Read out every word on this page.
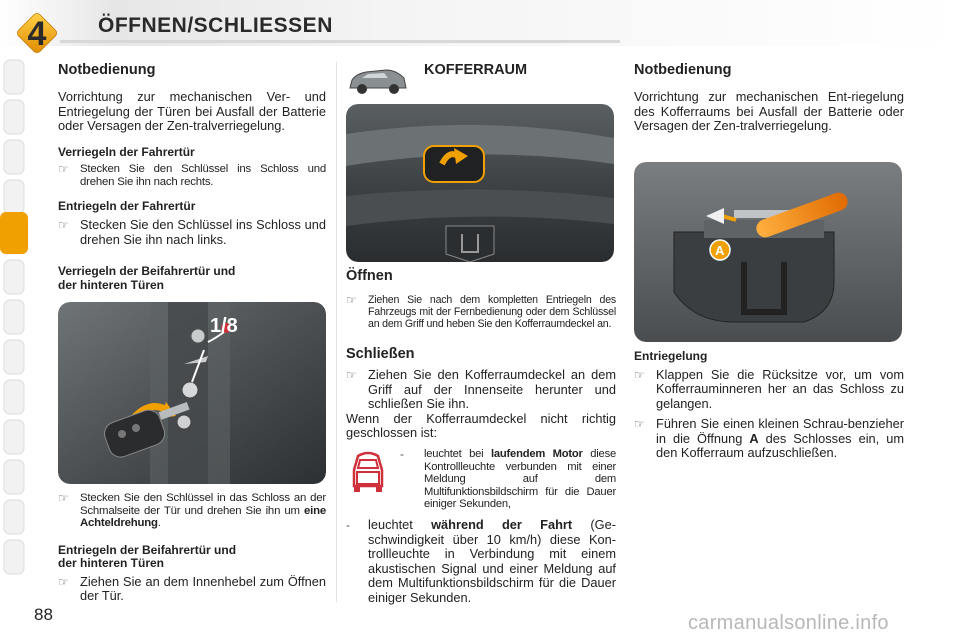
4	ÖFFNEN/SCHLIESSEN
Notbedienung

Vorrichtung zur mechanischen Ver- und Entriegelung der Türen bei Ausfall der Batterie oder Versagen der Zen-tralverriegelung.

Verriegeln der Fahrertür

☞ Stecken Sie den Schlüssel ins Schloss und drehen Sie ihn nach rechts.

Entriegeln der Fahrertür

☞ Stecken Sie den Schlüssel ins Schloss und drehen Sie ihn nach links.

Verriegeln der Beifahrertür und
der hinteren Türen

1/8
☞ Stecken Sie den Schlüssel in das Schloss an der Schmalseite der Tür und drehen Sie ihn um eine Achteldrehung.

Entriegeln der Beifahrertür und
der hinteren Türen

☞ Ziehen Sie an dem Innenhebel zum Öffnen der Tür.
KOFFERRAUM
Öffnen
☞ Ziehen Sie nach dem kompletten Entriegeln des Fahrzeugs mit der Fernbedienung oder dem Schlüssel an dem Griff und heben Sie den Kofferraumdeckel an.
Schließen
☞ Ziehen Sie den Kofferraumdeckel an dem Griff auf der Innenseite herunter und schließen Sie ihn.

Wenn der Kofferraumdeckel nicht richtig geschlossen ist:

- leuchtet bei laufendem Motor diese Kontrollleuchte verbunden mit einer Meldung auf dem Multifunktionsbildschirm für die Dauer einiger Sekunden,
- leuchtet während der Fahrt (Ge-schwindigkeit über 10 km/h) diese Kon-trollleuchte in Verbindung mit einem akustischen Signal und einer Meldung auf dem Multifunktionsbildschirm für die Dauer einiger Sekunden.
Notbedienung

Vorrichtung zur mechanischen Ent-riegelung des Kofferraums bei Ausfall der Batterie oder Versagen der Zen-tralverriegelung.

A

Entriegelung

☞ Klappen Sie die Rücksitze vor, um vom Kofferrauminneren her an das Schloss zu gelangen.
☞ Führen Sie einen kleinen Schrau-benzieher in die Öffnung A des Schlosses ein, um den Kofferraum aufzuschließen.
88	carmanualsonline.info
